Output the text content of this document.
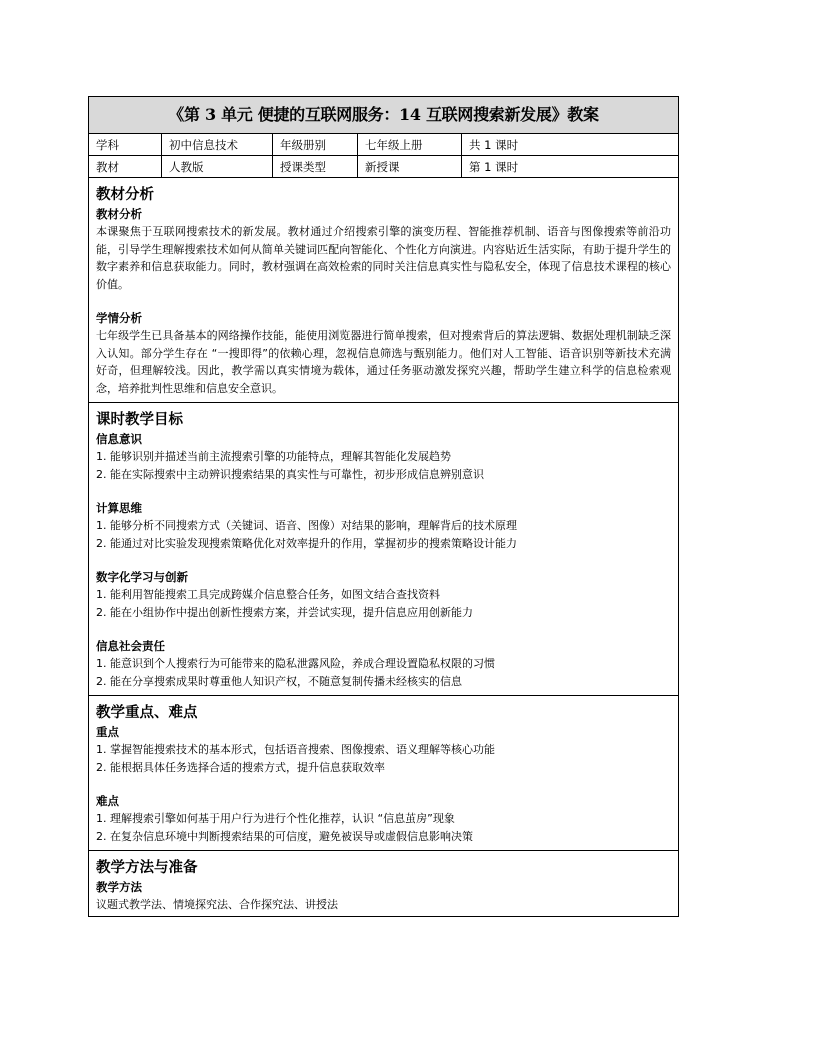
《第 3 单元 便捷的互联网服务：14 互联网搜索新发展》教案
学科	初中信息技术	年级册别	七年级上册	共 1 课时
教材	人教版	授课类型	新授课	第 1 课时
教材分析
教材分析
本课聚焦于互联网搜索技术的新发展。教材通过介绍搜索引擎的演变历程、智能推荐机制、语音与图像搜索等前沿功能，引导学生理解搜索技术如何从简单关键词匹配向智能化、个性化方向演进。内容贴近生活实际，有助于提升学生的数字素养和信息获取能力。同时，教材强调在高效检索的同时关注信息真实性与隐私安全，体现了信息技术课程的核心价值。
学情分析
七年级学生已具备基本的网络操作技能，能使用浏览器进行简单搜索，但对搜索背后的算法逻辑、数据处理机制缺乏深入认知。部分学生存在 “一搜即得”的依赖心理，忽视信息筛选与甄别能力。他们对人工智能、语音识别等新技术充满好奇，但理解较浅。因此，教学需以真实情境为载体，通过任务驱动激发探究兴趣，帮助学生建立科学的信息检索观念，培养批判性思维和信息安全意识。
课时教学目标
信息意识
1. 能够识别并描述当前主流搜索引擎的功能特点，理解其智能化发展趋势
2. 能在实际搜索中主动辨识搜索结果的真实性与可靠性，初步形成信息辨别意识
计算思维
1. 能够分析不同搜索方式（关键词、语音、图像）对结果的影响，理解背后的技术原理
2. 能通过对比实验发现搜索策略优化对效率提升的作用，掌握初步的搜索策略设计能力
数字化学习与创新
1. 能利用智能搜索工具完成跨媒介信息整合任务，如图文结合查找资料
2. 能在小组协作中提出创新性搜索方案，并尝试实现，提升信息应用创新能力
信息社会责任
1. 能意识到个人搜索行为可能带来的隐私泄露风险，养成合理设置隐私权限的习惯
2. 能在分享搜索成果时尊重他人知识产权，不随意复制传播未经核实的信息
教学重点、难点
重点
1. 掌握智能搜索技术的基本形式，包括语音搜索、图像搜索、语义理解等核心功能
2. 能根据具体任务选择合适的搜索方式，提升信息获取效率
难点
1. 理解搜索引擎如何基于用户行为进行个性化推荐，认识 “信息茧房”现象
2. 在复杂信息环境中判断搜索结果的可信度，避免被误导或虚假信息影响决策
教学方法与准备
教学方法
议题式教学法、情境探究法、合作探究法、讲授法
